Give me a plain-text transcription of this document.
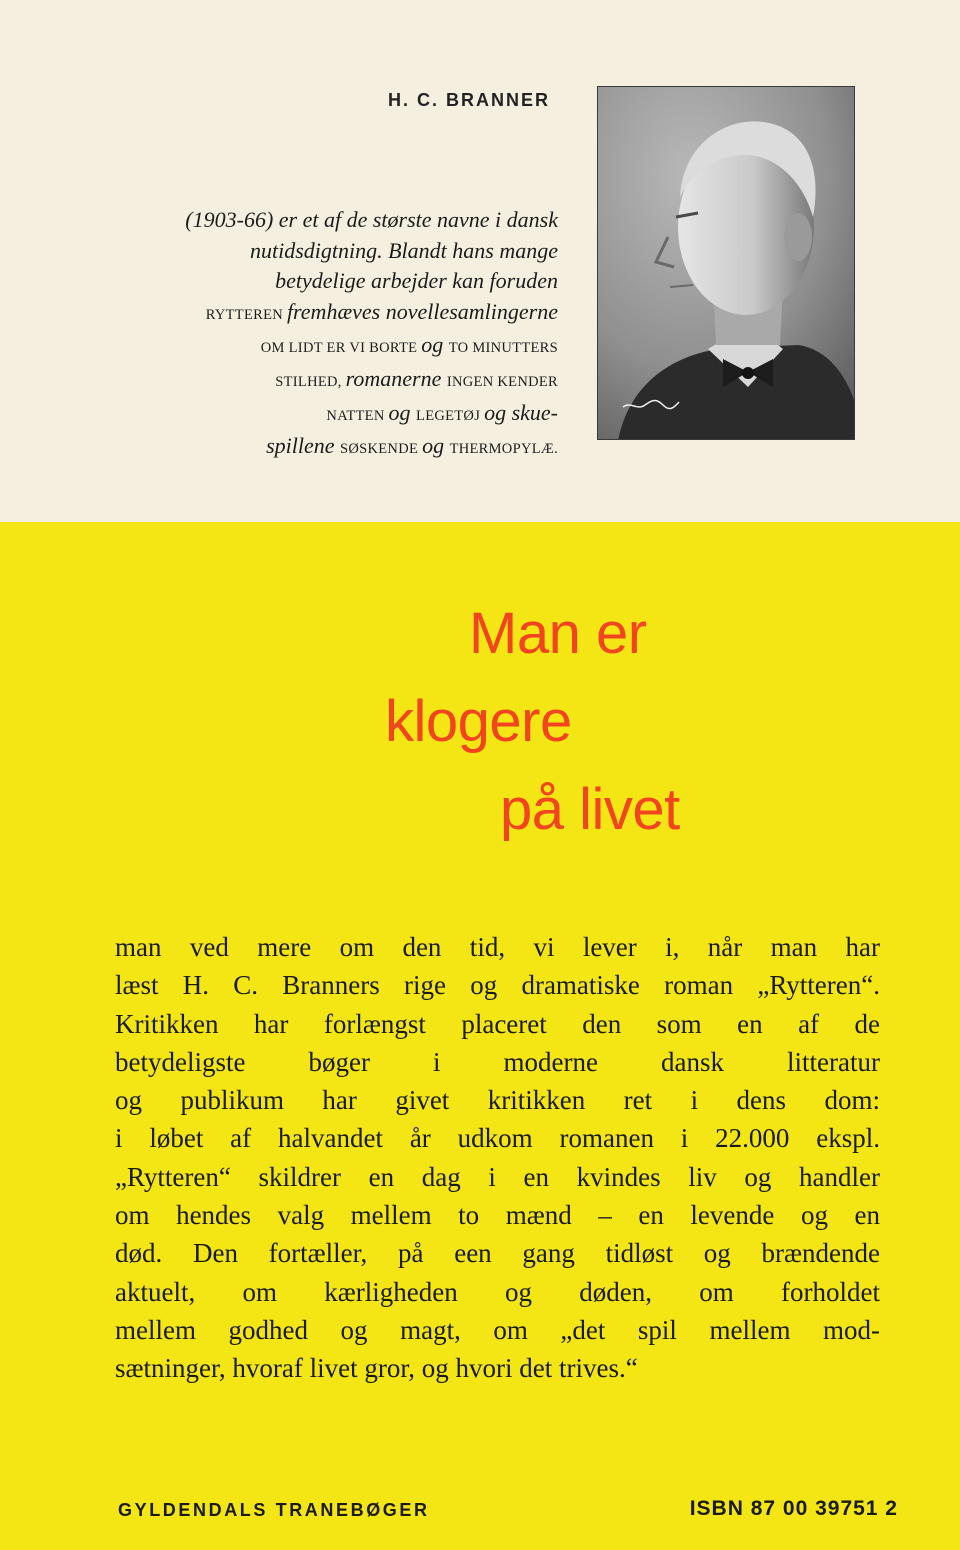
H. C. BRANNER
(1903-66) er et af de største navne i dansk
nutidsdigtning. Blandt hans mange
betydelige arbejder kan foruden
RYTTEREN fremhæves novellesamlingerne
OM LIDT ER VI BORTE og TO MINUTTERS
STILHED, romanerne INGEN KENDER
NATTEN og LEGETØJ og skue-
spillene SØSKENDE og THERMOPYLÆ.
Man er
klogere
på livet
man ved mere om den tid, vi lever i, når man har
læst H. C. Branners rige og dramatiske roman „Rytteren“.
Kritikken har forlængst placeret den som en af de
betydeligste bøger i moderne dansk litteratur
og publikum har givet kritikken ret i dens dom:
i løbet af halvandet år udkom romanen i 22.000 ekspl.
„Rytteren“ skildrer en dag i en kvindes liv og handler
om hendes valg mellem to mænd – en levende og en
død. Den fortæller, på een gang tidløst og brændende
aktuelt, om kærligheden og døden, om forholdet
mellem godhed og magt, om „det spil mellem mod-
sætninger, hvoraf livet gror, og hvori det trives.“
GYLDENDALS TRANEBØGER	ISBN 87 00 39751 2
